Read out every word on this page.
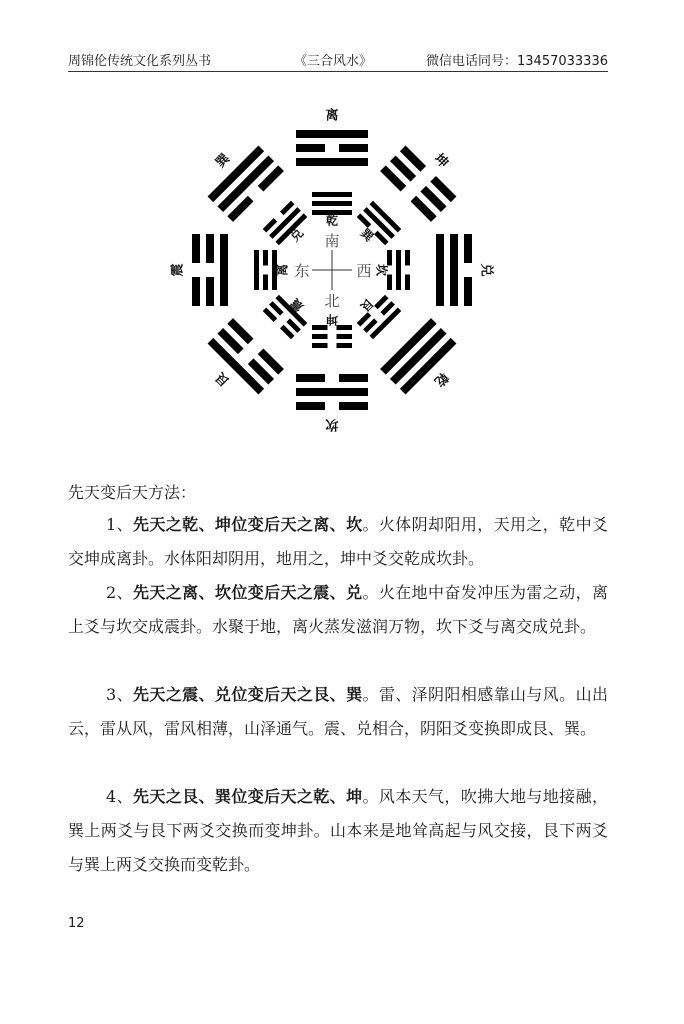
周锦伦传统文化系列丛书	《三合风水》	微信电话同号：13457033336
离
坤
兑
乾
坎
艮
震
巽
乾
巽
坎
艮
坤
震
离
兑 南
北
东	西

先天变后天方法：

1、先天之乾、坤位变后天之离、坎。火体阴却阳用，天用之，乾中爻交坤成离卦。水体阳却阴用，地用之，坤中爻交乾成坎卦。

2、先天之离、坎位变后天之震、兑。火在地中奋发冲压为雷之动，离上爻与坎交成震卦。水聚于地，离火蒸发滋润万物，坎下爻与离交成兑卦。

3、先天之震、兑位变后天之艮、巽。雷、泽阴阳相感靠山与风。山出云，雷从风，雷风相薄，山泽通气。震、兑相合，阴阳爻变换即成艮、巽。

4、先天之艮、巽位变后天之乾、坤。风本天气，吹拂大地与地接融，巽上两爻与艮下两爻交换而变坤卦。山本来是地耸高起与风交接，艮下两爻与巽上两爻交换而变乾卦。

12
